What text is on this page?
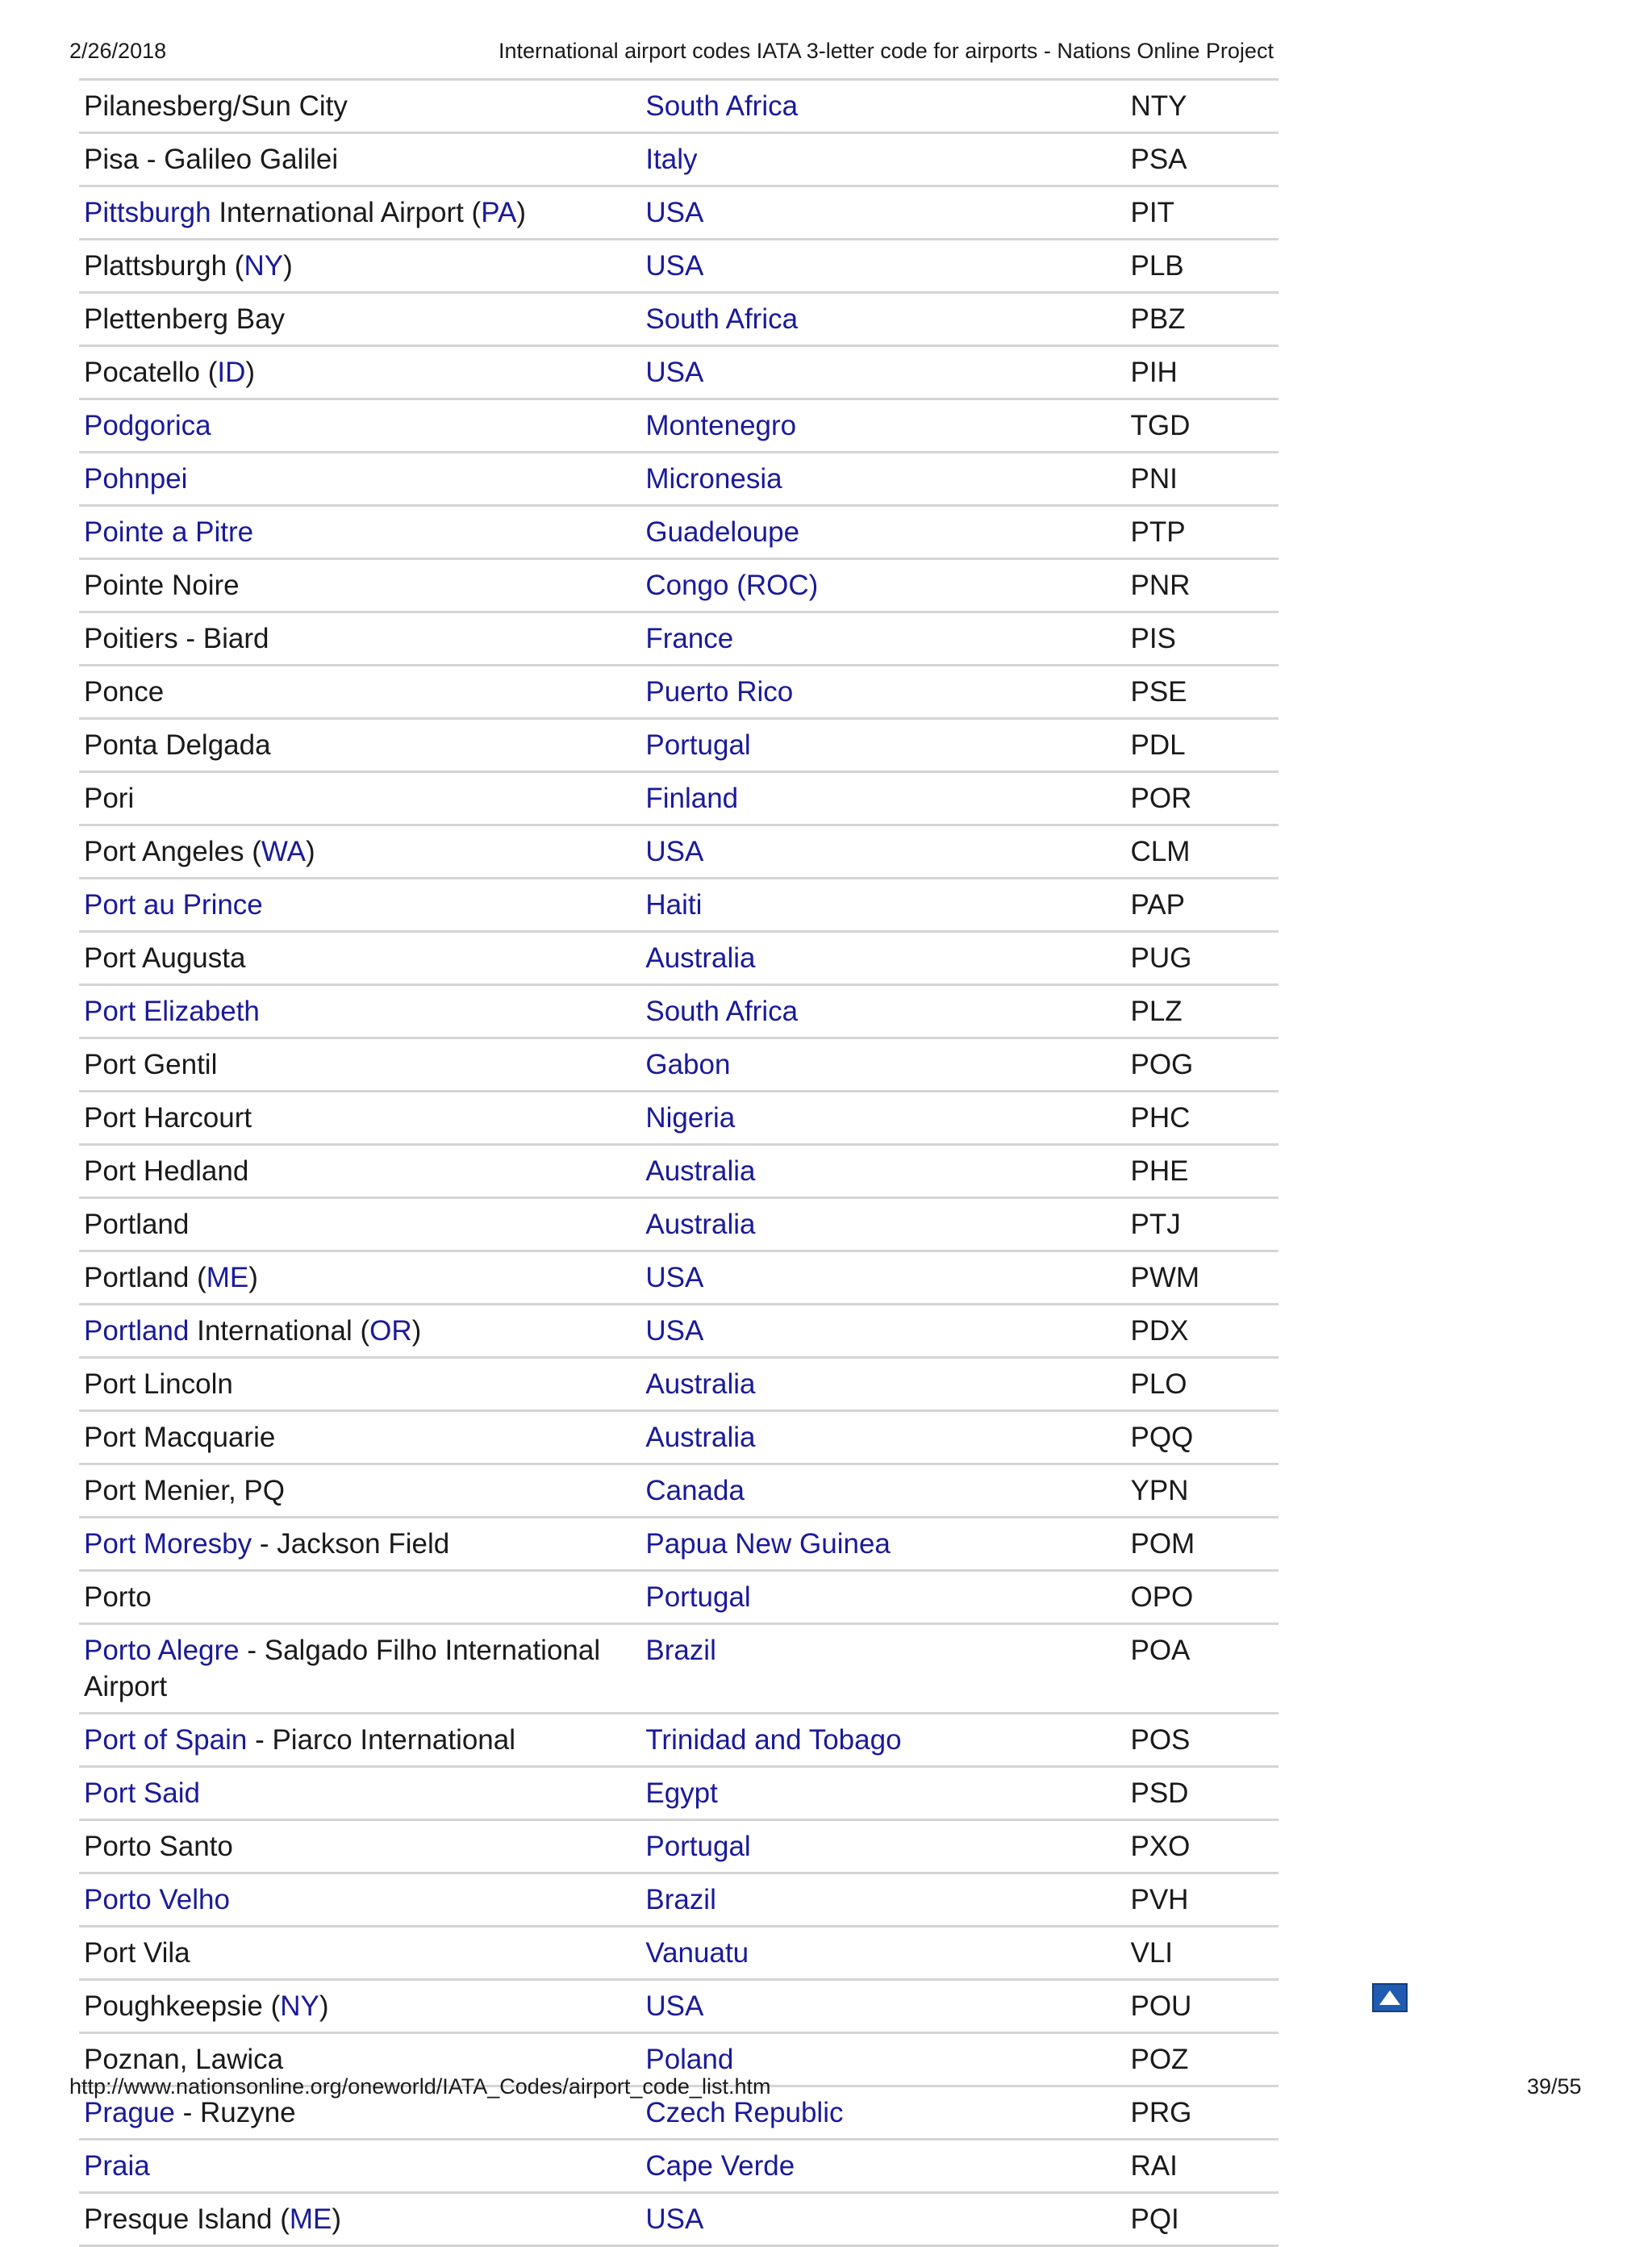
2/26/2018	International airport codes IATA 3-letter code for airports - Nations Online Project
Pilanesberg/Sun City	South Africa	NTY
Pisa - Galileo Galilei	Italy	PSA
Pittsburgh International Airport (PA)	USA	PIT
Plattsburgh (NY)	USA	PLB
Plettenberg Bay	South Africa	PBZ
Pocatello (ID)	USA	PIH
Podgorica	Montenegro	TGD
Pohnpei	Micronesia	PNI
Pointe a Pitre	Guadeloupe	PTP
Pointe Noire	Congo (ROC)	PNR
Poitiers - Biard	France	PIS
Ponce	Puerto Rico	PSE
Ponta Delgada	Portugal	PDL
Pori	Finland	POR
Port Angeles (WA)	USA	CLM
Port au Prince	Haiti	PAP
Port Augusta	Australia	PUG
Port Elizabeth	South Africa	PLZ
Port Gentil	Gabon	POG
Port Harcourt	Nigeria	PHC
Port Hedland	Australia	PHE
Portland	Australia	PTJ
Portland (ME)	USA	PWM
Portland International (OR)	USA	PDX
Port Lincoln	Australia	PLO
Port Macquarie	Australia	PQQ
Port Menier, PQ	Canada	YPN
Port Moresby - Jackson Field	Papua New Guinea	POM
Porto	Portugal	OPO
Porto Alegre - Salgado Filho International Airport	Brazil	POA
Port of Spain - Piarco International	Trinidad and Tobago	POS
Port Said	Egypt	PSD
Porto Santo	Portugal	PXO
Porto Velho	Brazil	PVH
Port Vila	Vanuatu	VLI
Poughkeepsie (NY)	USA	POU
Poznan, Lawica	Poland	POZ
Prague - Ruzyne	Czech Republic	PRG
Praia	Cape Verde	RAI
Presque Island (ME)	USA	PQI
http://www.nationsonline.org/oneworld/IATA_Codes/airport_code_list.htm	39/55
